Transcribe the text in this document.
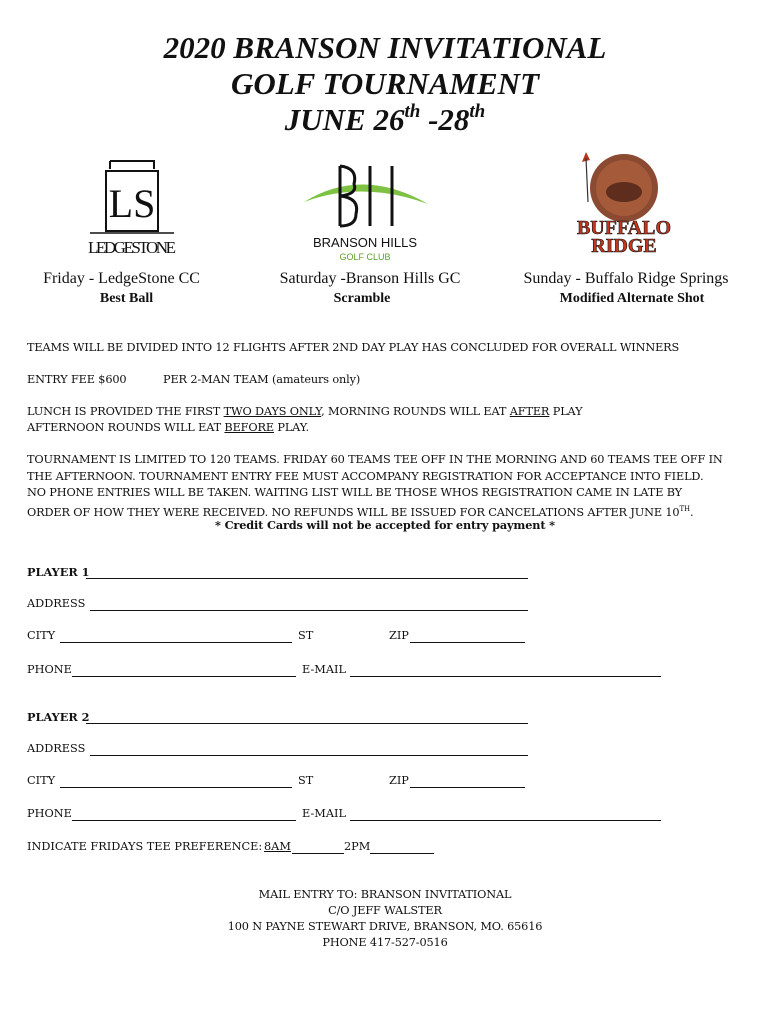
2020 BRANSON INVITATIONAL
GOLF TOURNAMENT
JUNE 26th -28th
LS
LEDGESTONE	BRANSON HILLS
GOLF CLUB
BUFFALO
RIDGE
Friday - LedgeStone CC
Best Ball
Saturday -Branson Hills GC
Scramble
Sunday - Buffalo Ridge Springs
Modified Alternate Shot
TEAMS WILL BE DIVIDED INTO 12 FLIGHTS AFTER 2ND DAY PLAY HAS CONCLUDED FOR OVERALL WINNERS
ENTRY FEE $600	PER 2-MAN TEAM (amateurs only)
LUNCH IS PROVIDED THE FIRST TWO DAYS ONLY, MORNING ROUNDS WILL EAT AFTER PLAY
AFTERNOON ROUNDS WILL EAT BEFORE PLAY.
TOURNAMENT IS LIMITED TO 120 TEAMS. FRIDAY 60 TEAMS TEE OFF IN THE MORNING AND 60 TEAMS TEE OFF IN
THE AFTERNOON. TOURNAMENT ENTRY FEE MUST ACCOMPANY REGISTRATION FOR ACCEPTANCE INTO FIELD.
NO PHONE ENTRIES WILL BE TAKEN. WAITING LIST WILL BE THOSE WHOS REGISTRATION CAME IN LATE BY
ORDER OF HOW THEY WERE RECEIVED. NO REFUNDS WILL BE ISSUED FOR CANCELATIONS AFTER JUNE 10TH.
* Credit Cards will not be accepted for entry payment *
PLAYER 1
ADDRESS
CITY	ST	ZIP
PHONE	E-MAIL
PLAYER 2
ADDRESS
CITY	ST	ZIP
PHONE	E-MAIL
INDICATE FRIDAYS TEE PREFERENCE: 8AM	2PM
MAIL ENTRY TO: BRANSON INVITATIONAL
C/O JEFF WALSTER
100 N PAYNE STEWART DRIVE, BRANSON, MO. 65616
PHONE 417-527-0516
